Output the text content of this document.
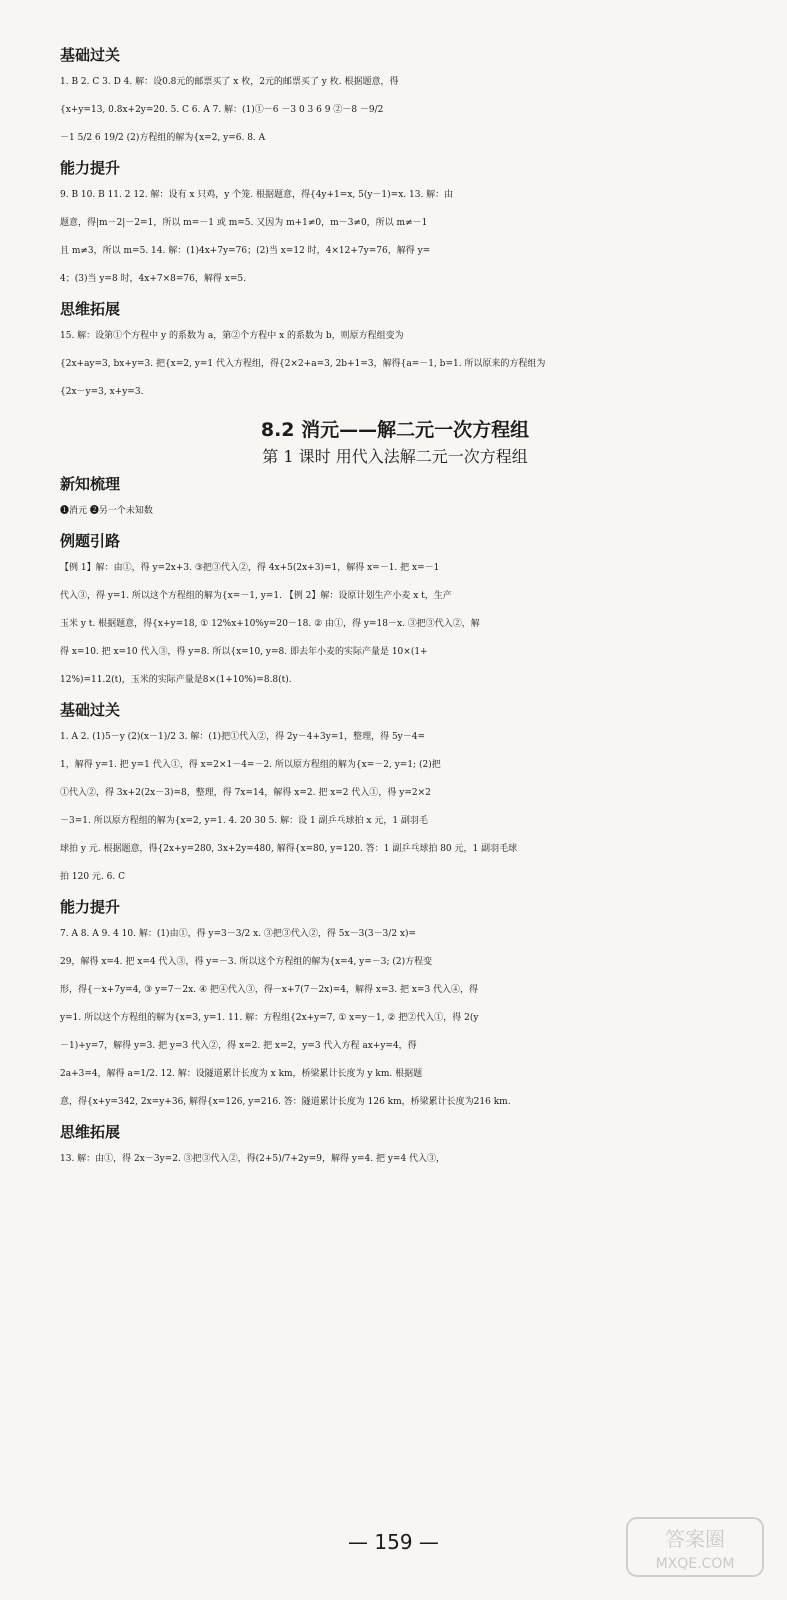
基础过关
1. B 2. C 3. D 4. 解：设0.8元的邮票买了 x 枚，2元的邮票买了 y 枚. 根据题意，得
{x+y=13, 0.8x+2y=20. 5. C 6. A 7. 解：(1)①－6 －3 0 3 6 9 ②－8 －9/2
－1 5/2 6 19/2 (2)方程组的解为{x=2, y=6. 8. A
能力提升
9. B 10. B 11. 2 12. 解：设有 x 只鸡，y 个笼. 根据题意，得{4y+1=x, 5(y－1)=x. 13. 解：由
题意，得|m－2|－2=1，所以 m=－1 或 m=5. 又因为 m+1≠0，m－3≠0，所以 m≠－1
且 m≠3，所以 m=5. 14. 解：(1)4x+7y=76；(2)当 x=12 时，4×12+7y=76，解得 y=
4；(3)当 y=8 时，4x+7×8=76，解得 x=5.
思维拓展
15. 解：设第①个方程中 y 的系数为 a，第②个方程中 x 的系数为 b，则原方程组变为
{2x+ay=3, bx+y=3. 把{x=2, y=1 代入方程组，得{2×2+a=3, 2b+1=3，解得{a=－1, b=1. 所以原来的方程组为
{2x－y=3, x+y=3.
8.2 消元——解二元一次方程组
第 1 课时 用代入法解二元一次方程组
新知梳理
❶消元 ❷另一个未知数
例题引路
【例 1】解：由①，得 y=2x+3. ③把③代入②，得 4x+5(2x+3)=1，解得 x=－1. 把 x=－1
代入③，得 y=1. 所以这个方程组的解为{x=－1, y=1. 【例 2】解：设原计划生产小麦 x t，生产
玉米 y t. 根据题意，得{x+y=18, ① 12%x+10%y=20－18. ② 由①，得 y=18－x. ③把③代入②，解
得 x=10. 把 x=10 代入③，得 y=8. 所以{x=10, y=8. 即去年小麦的实际产量是 10×(1+
12%)=11.2(t)，玉米的实际产量是8×(1+10%)=8.8(t).
基础过关
1. A 2. (1)5－y (2)(x－1)/2 3. 解：(1)把①代入②，得 2y－4+3y=1，整理，得 5y－4=
1，解得 y=1. 把 y=1 代入①，得 x=2×1－4=－2. 所以原方程组的解为{x=－2, y=1; (2)把
①代入②，得 3x+2(2x－3)=8，整理，得 7x=14，解得 x=2. 把 x=2 代入①，得 y=2×2
－3=1. 所以原方程组的解为{x=2, y=1. 4. 20 30 5. 解：设 1 副乒乓球拍 x 元，1 副羽毛
球拍 y 元. 根据题意，得{2x+y=280, 3x+2y=480, 解得{x=80, y=120. 答：1 副乒乓球拍 80 元，1 副羽毛球
拍 120 元. 6. C
能力提升
7. A 8. A 9. 4 10. 解：(1)由①，得 y=3－3/2 x. ③把③代入②，得 5x－3(3－3/2 x)=
29，解得 x=4. 把 x=4 代入③，得 y=－3. 所以这个方程组的解为{x=4, y=－3; (2)方程变
形，得{－x+7y=4, ③ y=7－2x. ④ 把④代入③，得－x+7(7－2x)=4，解得 x=3. 把 x=3 代入④，得
y=1. 所以这个方程组的解为{x=3, y=1. 11. 解：方程组{2x+y=7, ① x=y－1, ② 把②代入①，得 2(y
－1)+y=7，解得 y=3. 把 y=3 代入②，得 x=2. 把 x=2，y=3 代入方程 ax+y=4，得
2a+3=4，解得 a=1/2. 12. 解：设隧道累计长度为 x km，桥梁累计长度为 y km. 根据题
意，得{x+y=342, 2x=y+36, 解得{x=126, y=216. 答：隧道累计长度为 126 km，桥梁累计长度为216 km.
思维拓展
13. 解：由①，得 2x－3y=2. ③把③代入②，得(2+5)/7+2y=9，解得 y=4. 把 y=4 代入③，
— 159 —	答案圈
MXQE.COM
